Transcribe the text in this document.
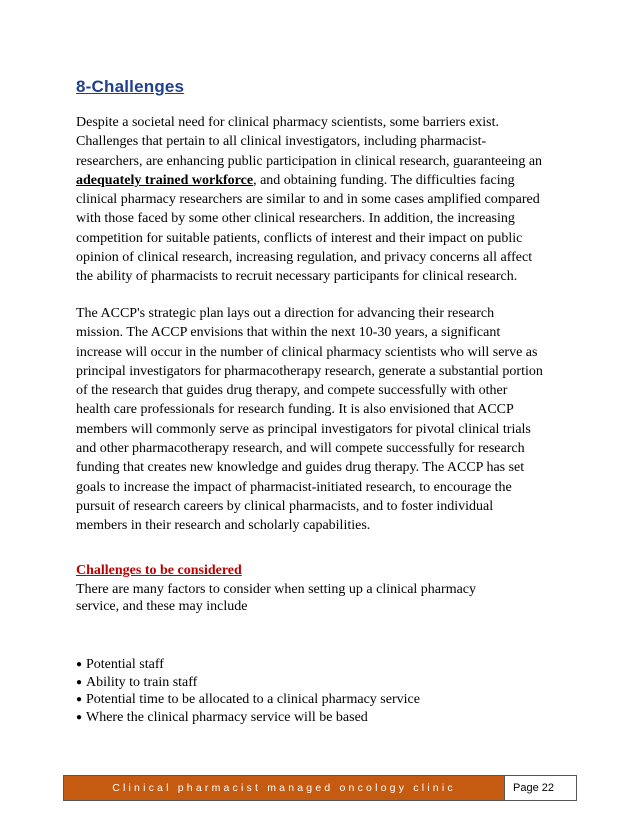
8-Challenges
Despite a societal need for clinical pharmacy scientists, some barriers exist.
Challenges that pertain to all clinical investigators, including pharmacist-
researchers, are enhancing public participation in clinical research, guaranteeing an
adequately trained workforce, and obtaining funding. The difficulties facing
clinical pharmacy researchers are similar to and in some cases amplified compared
with those faced by some other clinical researchers. In addition, the increasing
competition for suitable patients, conflicts of interest and their impact on public
opinion of clinical research, increasing regulation, and privacy concerns all affect
the ability of pharmacists to recruit necessary participants for clinical research.
The ACCP's strategic plan lays out a direction for advancing their research
mission. The ACCP envisions that within the next 10-30 years, a significant
increase will occur in the number of clinical pharmacy scientists who will serve as
principal investigators for pharmacotherapy research, generate a substantial portion
of the research that guides drug therapy, and compete successfully with other
health care professionals for research funding. It is also envisioned that ACCP
members will commonly serve as principal investigators for pivotal clinical trials
and other pharmacotherapy research, and will compete successfully for research
funding that creates new knowledge and guides drug therapy. The ACCP has set
goals to increase the impact of pharmacist-initiated research, to encourage the
pursuit of research careers by clinical pharmacists, and to foster individual
members in their research and scholarly capabilities.
Challenges to be considered
There are many factors to consider when setting up a clinical pharmacy
service, and these may include
● Potential staff
● Ability to train staff
● Potential time to be allocated to a clinical pharmacy service
● Where the clinical pharmacy service will be based
Clinical pharmacist managed oncology clinic	Page 22
